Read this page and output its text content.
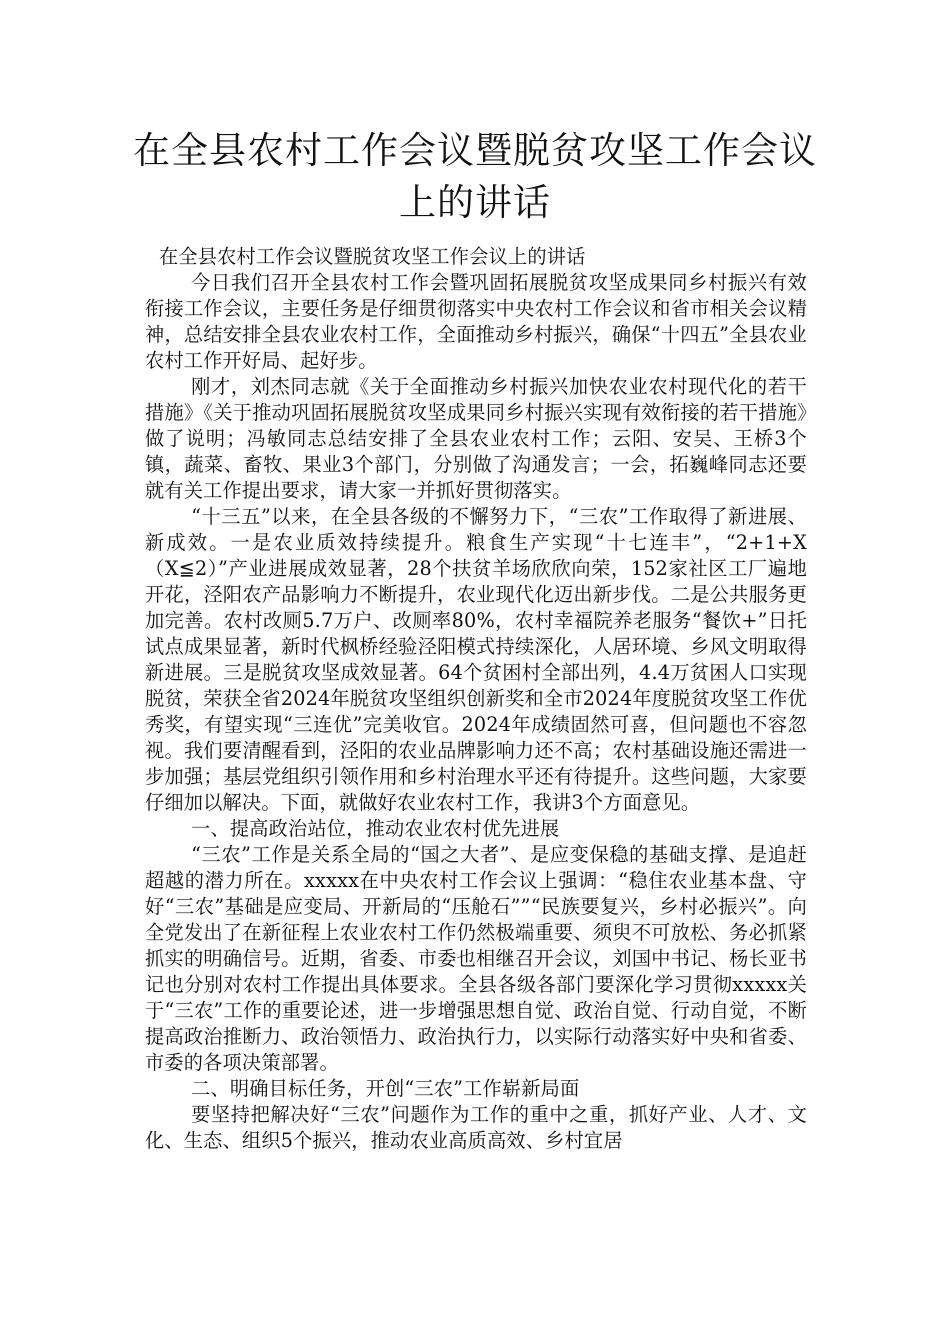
在全县农村工作会议暨脱贫攻坚工作会议
上的讲话

在全县农村工作会议暨脱贫攻坚工作会议上的讲话

今日我们召开全县农村工作会暨巩固拓展脱贫攻坚成果同乡村振兴有效衔接工作会议，主要任务是仔细贯彻落实中央农村工作会议和省市相关会议精神，总结安排全县农业农村工作，全面推动乡村振兴，确保“十四五”全县农业农村工作开好局、起好步。

刚才，刘杰同志就《关于全面推动乡村振兴加快农业农村现代化的若干措施》《关于推动巩固拓展脱贫攻坚成果同乡村振兴实现有效衔接的若干措施》做了说明；冯敏同志总结安排了全县农业农村工作；云阳、安吴、王桥3个镇，蔬菜、畜牧、果业3个部门，分别做了沟通发言；一会，拓巍峰同志还要就有关工作提出要求，请大家一并抓好贯彻落实。

“十三五”以来，在全县各级的不懈努力下，“三农”工作取得了新进展、新成效。一是农业质效持续提升。粮食生产实现“十七连丰”，“2+1+X（X≦2）”产业进展成效显著，28个扶贫羊场欣欣向荣，152家社区工厂遍地开花，泾阳农产品影响力不断提升，农业现代化迈出新步伐。二是公共服务更加完善。农村改厕5.7万户、改厕率80%，农村幸福院养老服务“餐饮+”日托试点成果显著，新时代枫桥经验泾阳模式持续深化，人居环境、乡风文明取得新进展。三是脱贫攻坚成效显著。64个贫困村全部出列，4.4万贫困人口实现脱贫，荣获全省2024年脱贫攻坚组织创新奖和全市2024年度脱贫攻坚工作优秀奖，有望实现“三连优”完美收官。2024年成绩固然可喜，但问题也不容忽视。我们要清醒看到，泾阳的农业品牌影响力还不高；农村基础设施还需进一步加强；基层党组织引领作用和乡村治理水平还有待提升。这些问题，大家要仔细加以解决。下面，就做好农业农村工作，我讲3个方面意见。

一、提高政治站位，推动农业农村优先进展

“三农”工作是关系全局的“国之大者”、是应变保稳的基础支撑、是追赶超越的潜力所在。xxxxx在中央农村工作会议上强调：“稳住农业基本盘、守好“三农”基础是应变局、开新局的“压舱石””“民族要复兴，乡村必振兴”。向全党发出了在新征程上农业农村工作仍然极端重要、须臾不可放松、务必抓紧抓实的明确信号。近期，省委、市委也相继召开会议，刘国中书记、杨长亚书记也分别对农村工作提出具体要求。全县各级各部门要深化学习贯彻xxxxx关于“三农”工作的重要论述，进一步增强思想自觉、政治自觉、行动自觉，不断提高政治推断力、政治领悟力、政治执行力，以实际行动落实好中央和省委、市委的各项决策部署。

二、明确目标任务，开创“三农”工作崭新局面

要坚持把解决好“三农”问题作为工作的重中之重，抓好产业、人才、文化、生态、组织5个振兴，推动农业高质高效、乡村宜居
